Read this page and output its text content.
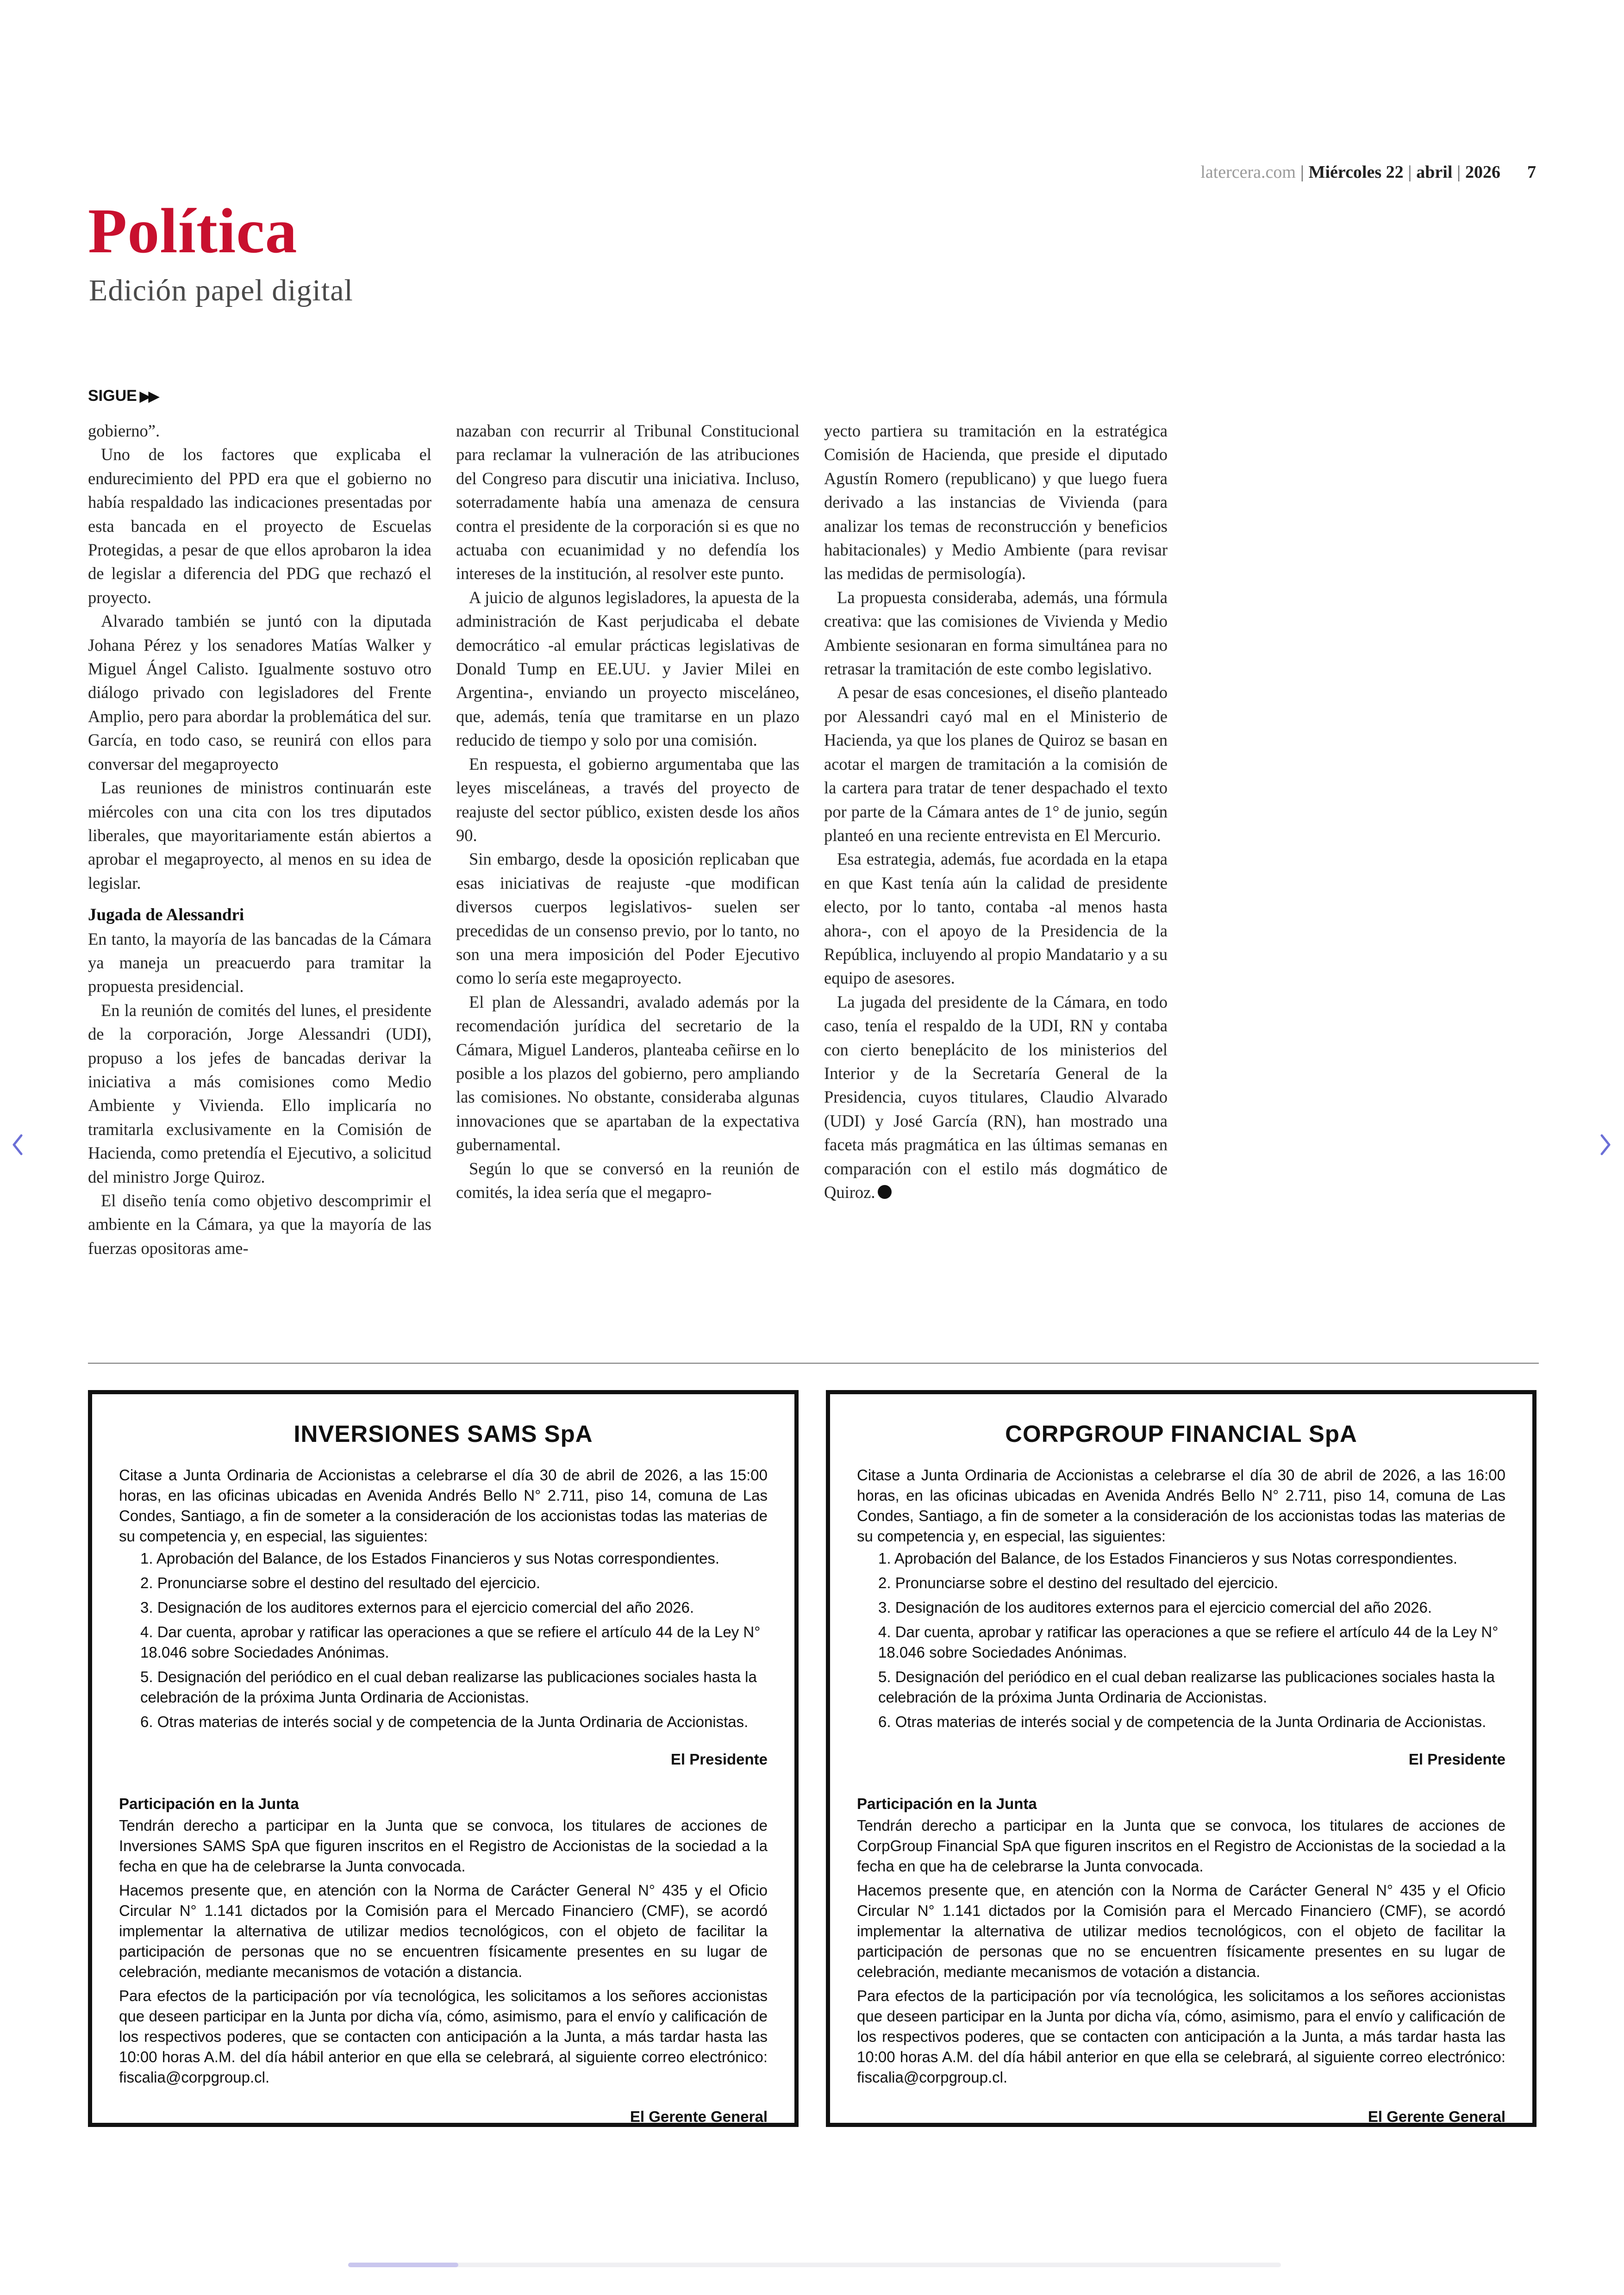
latercera.com | Miércoles 22 | abril | 2026 7
Política
Edición papel digital
SIGUE ▶▶

gobierno”.

Uno de los factores que explicaba el endurecimiento del PPD era que el gobierno no había respaldado las indicaciones presentadas por esta bancada en el proyecto de Escuelas Protegidas, a pesar de que ellos aprobaron la idea de legislar a diferencia del PDG que rechazó el proyecto.

Alvarado también se juntó con la diputada Johana Pérez y los senadores Matías Walker y Miguel Ángel Calisto. Igualmente sostuvo otro diálogo privado con legisladores del Frente Amplio, pero para abordar la problemática del sur. García, en todo caso, se reunirá con ellos para conversar del megaproyecto

Las reuniones de ministros continuarán este miércoles con una cita con los tres diputados liberales, que mayoritariamente están abiertos a aprobar el megaproyecto, al menos en su idea de legislar.

Jugada de Alessandri

En tanto, la mayoría de las bancadas de la Cámara ya maneja un preacuerdo para tramitar la propuesta presidencial.

En la reunión de comités del lunes, el presidente de la corporación, Jorge Alessandri (UDI), propuso a los jefes de bancadas derivar la iniciativa a más comisiones como Medio Ambiente y Vivienda. Ello implicaría no tramitarla exclusivamente en la Comisión de Hacienda, como pretendía el Ejecutivo, a solicitud del ministro Jorge Quiroz.

El diseño tenía como objetivo descomprimir el ambiente en la Cámara, ya que la mayoría de las fuerzas opositoras ame-

nazaban con recurrir al Tribunal Constitucional para reclamar la vulneración de las atribuciones del Congreso para discutir una iniciativa. Incluso, soterradamente había una amenaza de censura contra el presidente de la corporación si es que no actuaba con ecuanimidad y no defendía los intereses de la institución, al resolver este punto.

A juicio de algunos legisladores, la apuesta de la administración de Kast perjudicaba el debate democrático -al emular prácticas legislativas de Donald Tump en EE.UU. y Javier Milei en Argentina-, enviando un proyecto misceláneo, que, además, tenía que tramitarse en un plazo reducido de tiempo y solo por una comisión.

En respuesta, el gobierno argumentaba que las leyes misceláneas, a través del proyecto de reajuste del sector público, existen desde los años 90.

Sin embargo, desde la oposición replicaban que esas iniciativas de reajuste -que modifican diversos cuerpos legislativos- suelen ser precedidas de un consenso previo, por lo tanto, no son una mera imposición del Poder Ejecutivo como lo sería este megaproyecto.

El plan de Alessandri, avalado además por la recomendación jurídica del secretario de la Cámara, Miguel Landeros, planteaba ceñirse en lo posible a los plazos del gobierno, pero ampliando las comisiones. No obstante, consideraba algunas innovaciones que se apartaban de la expectativa gubernamental.

Según lo que se conversó en la reunión de comités, la idea sería que el megapro-

yecto partiera su tramitación en la estratégica Comisión de Hacienda, que preside el diputado Agustín Romero (republicano) y que luego fuera derivado a las instancias de Vivienda (para analizar los temas de reconstrucción y beneficios habitacionales) y Medio Ambiente (para revisar las medidas de permisología).

La propuesta consideraba, además, una fórmula creativa: que las comisiones de Vivienda y Medio Ambiente sesionaran en forma simultánea para no retrasar la tramitación de este combo legislativo.

A pesar de esas concesiones, el diseño planteado por Alessandri cayó mal en el Ministerio de Hacienda, ya que los planes de Quiroz se basan en acotar el margen de tramitación a la comisión de la cartera para tratar de tener despachado el texto por parte de la Cámara antes de 1° de junio, según planteó en una reciente entrevista en El Mercurio.

Esa estrategia, además, fue acordada en la etapa en que Kast tenía aún la calidad de presidente electo, por lo tanto, contaba -al menos hasta ahora-, con el apoyo de la Presidencia de la República, incluyendo al propio Mandatario y a su equipo de asesores.

La jugada del presidente de la Cámara, en todo caso, tenía el respaldo de la UDI, RN y contaba con cierto beneplácito de los ministerios del Interior y de la Secretaría General de la Presidencia, cuyos titulares, Claudio Alvarado (UDI) y José García (RN), han mostrado una faceta más pragmática en las últimas semanas en comparación con el estilo más dogmático de Quiroz.

INVERSIONES SAMS SpA

Citase a Junta Ordinaria de Accionistas a celebrarse el día 30 de abril de 2026, a las 15:00 horas, en las oficinas ubicadas en Avenida Andrés Bello N° 2.711, piso 14, comuna de Las Condes, Santiago, a fin de someter a la consideración de los accionistas todas las materias de su competencia y, en especial, las siguientes:

1. Aprobación del Balance, de los Estados Financieros y sus Notas correspondientes.
2. Pronunciarse sobre el destino del resultado del ejercicio.
3. Designación de los auditores externos para el ejercicio comercial del año 2026.
4. Dar cuenta, aprobar y ratificar las operaciones a que se refiere el artículo 44 de la Ley N° 18.046 sobre Sociedades Anónimas.
5. Designación del periódico en el cual deban realizarse las publicaciones sociales hasta la celebración de la próxima Junta Ordinaria de Accionistas.
6. Otras materias de interés social y de competencia de la Junta Ordinaria de Accionistas.
El Presidente
Participación en la Junta

Tendrán derecho a participar en la Junta que se convoca, los titulares de acciones de Inversiones SAMS SpA que figuren inscritos en el Registro de Accionistas de la sociedad a la fecha en que ha de celebrarse la Junta convocada.

Hacemos presente que, en atención con la Norma de Carácter General N° 435 y el Oficio Circular N° 1.141 dictados por la Comisión para el Mercado Financiero (CMF), se acordó implementar la alternativa de utilizar medios tecnológicos, con el objeto de facilitar la participación de personas que no se encuentren físicamente presentes en su lugar de celebración, mediante mecanismos de votación a distancia.

Para efectos de la participación por vía tecnológica, les solicitamos a los señores accionistas que deseen participar en la Junta por dicha vía, cómo, asimismo, para el envío y calificación de los respectivos poderes, que se contacten con anticipación a la Junta, a más tardar hasta las 10:00 horas A.M. del día hábil anterior en que ella se celebrará, al siguiente correo electrónico: fiscalia@corpgroup.cl.

El Gerente General
CORPGROUP FINANCIAL SpA

Citase a Junta Ordinaria de Accionistas a celebrarse el día 30 de abril de 2026, a las 16:00 horas, en las oficinas ubicadas en Avenida Andrés Bello N° 2.711, piso 14, comuna de Las Condes, Santiago, a fin de someter a la consideración de los accionistas todas las materias de su competencia y, en especial, las siguientes:

1. Aprobación del Balance, de los Estados Financieros y sus Notas correspondientes.
2. Pronunciarse sobre el destino del resultado del ejercicio.
3. Designación de los auditores externos para el ejercicio comercial del año 2026.
4. Dar cuenta, aprobar y ratificar las operaciones a que se refiere el artículo 44 de la Ley N° 18.046 sobre Sociedades Anónimas.
5. Designación del periódico en el cual deban realizarse las publicaciones sociales hasta la celebración de la próxima Junta Ordinaria de Accionistas.
6. Otras materias de interés social y de competencia de la Junta Ordinaria de Accionistas.
El Presidente
Participación en la Junta

Tendrán derecho a participar en la Junta que se convoca, los titulares de acciones de CorpGroup Financial SpA que figuren inscritos en el Registro de Accionistas de la sociedad a la fecha en que ha de celebrarse la Junta convocada.

Hacemos presente que, en atención con la Norma de Carácter General N° 435 y el Oficio Circular N° 1.141 dictados por la Comisión para el Mercado Financiero (CMF), se acordó implementar la alternativa de utilizar medios tecnológicos, con el objeto de facilitar la participación de personas que no se encuentren físicamente presentes en su lugar de celebración, mediante mecanismos de votación a distancia.

Para efectos de la participación por vía tecnológica, les solicitamos a los señores accionistas que deseen participar en la Junta por dicha vía, cómo, asimismo, para el envío y calificación de los respectivos poderes, que se contacten con anticipación a la Junta, a más tardar hasta las 10:00 horas A.M. del día hábil anterior en que ella se celebrará, al siguiente correo electrónico: fiscalia@corpgroup.cl.

El Gerente General
